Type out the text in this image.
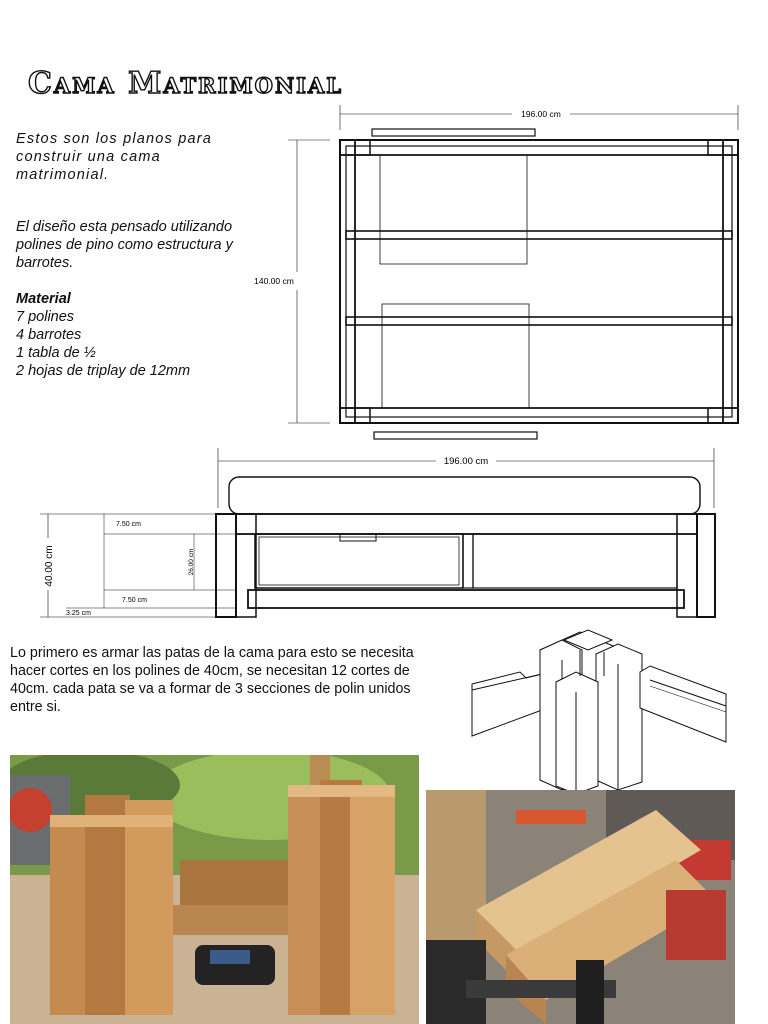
Cama Matrimonial

Estos son los planos para construir una cama matrimonial.

El diseño esta pensado utilizando polines de pino como estructura y barrotes.

Material
7 polines
4 barrotes
1 tabla de ½
2 hojas de triplay de 12mm
196.00 cm
140.00 cm
196.00 cm
40.00 cm
7.50 cm
26.00 cm
7.50 cm
3.25 cm
Lo primero es armar las patas de la cama para esto se necesita hacer cortes en los polines de 40cm, se necesitan 12 cortes de 40cm. cada pata se va a formar de 3 secciones de polin unidos entre si.
